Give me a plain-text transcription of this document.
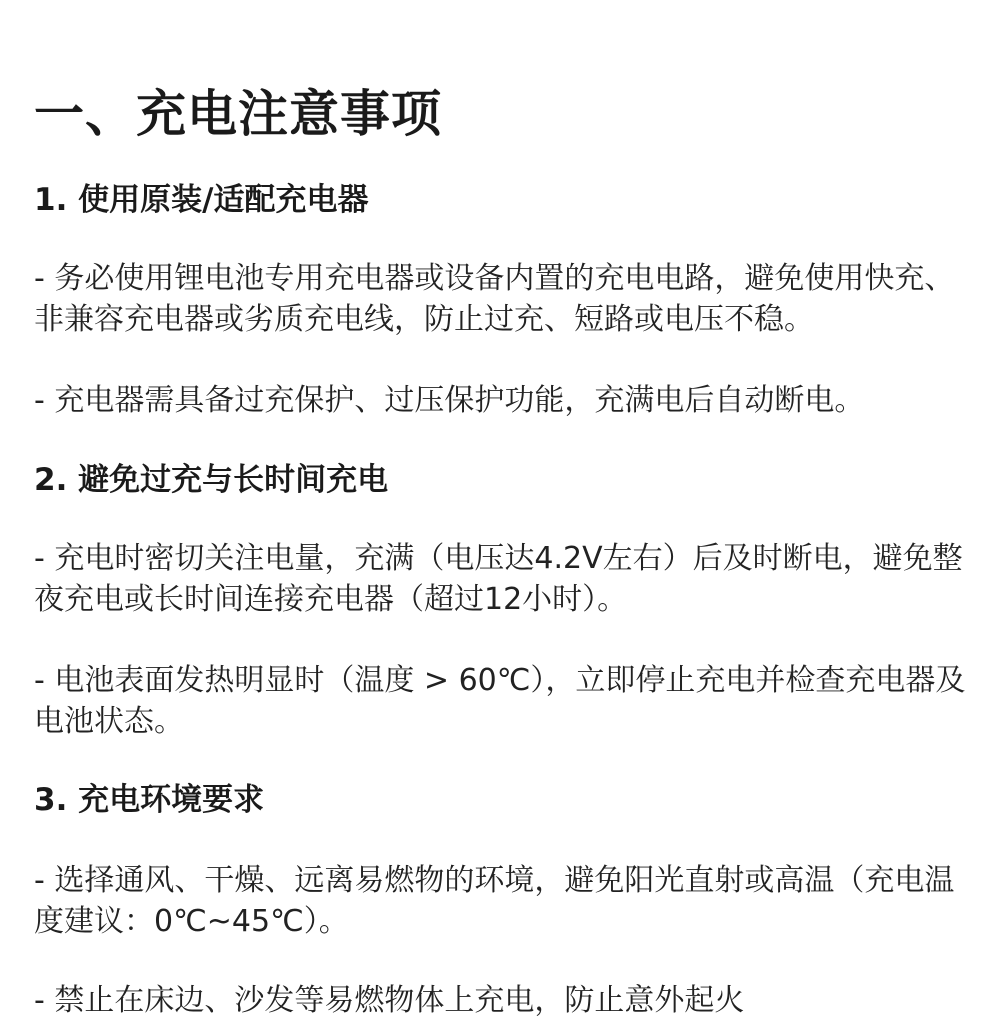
一、充电注意事项
1. 使用原装/适配充电器

- 务必使用锂电池专用充电器或设备内置的充电电路，避免使用快充、非兼容充电器或劣质充电线，防止过充、短路或电压不稳。

- 充电器需具备过充保护、过压保护功能，充满电后自动断电。

2. 避免过充与长时间充电

- 充电时密切关注电量，充满（电压达4.2V左右）后及时断电，避免整夜充电或长时间连接充电器（超过12小时）。

- 电池表面发热明显时（温度 > 60℃），立即停止充电并检查充电器及电池状态。

3. 充电环境要求

- 选择通风、干燥、远离易燃物的环境，避免阳光直射或高温（充电温度建议：0℃~45℃）。

- 禁止在床边、沙发等易燃物体上充电，防止意外起火
